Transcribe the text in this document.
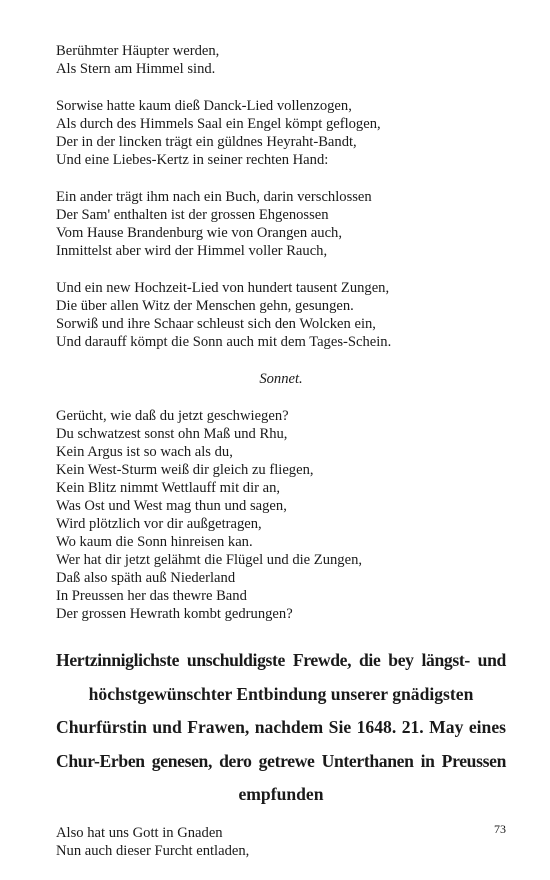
Berühmter Häupter werden,
Als Stern am Himmel sind.
Sorwise hatte kaum dieß Danck-Lied vollenzogen,
Als durch des Himmels Saal ein Engel kömpt geflogen,
Der in der lincken trägt ein güldnes Heyraht-Bandt,
Und eine Liebes-Kertz in seiner rechten Hand:
Ein ander trägt ihm nach ein Buch, darin verschlossen
Der Sam' enthalten ist der grossen Ehgenossen
Vom Hause Brandenburg wie von Orangen auch,
Inmittelst aber wird der Himmel voller Rauch,
Und ein new Hochzeit-Lied von hundert tausent Zungen,
Die über allen Witz der Menschen gehn, gesungen.
Sorwiß und ihre Schaar schleust sich den Wolcken ein,
Und darauff kömpt die Sonn auch mit dem Tages-Schein.
Sonnet.
Gerücht, wie daß du jetzt geschwiegen?
Du schwatzest sonst ohn Maß und Rhu,
Kein Argus ist so wach als du,
Kein West-Sturm weiß dir gleich zu fliegen,
Kein Blitz nimmt Wettlauff mit dir an,
Was Ost und West mag thun und sagen,
Wird plötzlich vor dir außgetragen,
Wo kaum die Sonn hinreisen kan.
Wer hat dir jetzt gelähmt die Flügel und die Zungen,
Daß also späth auß Niederland
In Preussen her das thewre Band
Der grossen Hewrath kombt gedrungen?
Hertzinniglichste unschuldigste Frewde, die bey längst- und
höchstgewünschter Entbindung unserer gnädigsten
Churfürstin und Frawen, nachdem Sie 1648. 21. May eines
Chur-Erben genesen, dero getrewe Unterthanen in Preussen
empfunden
Also hat uns Gott in Gnaden
Nun auch dieser Furcht entladen,
73
